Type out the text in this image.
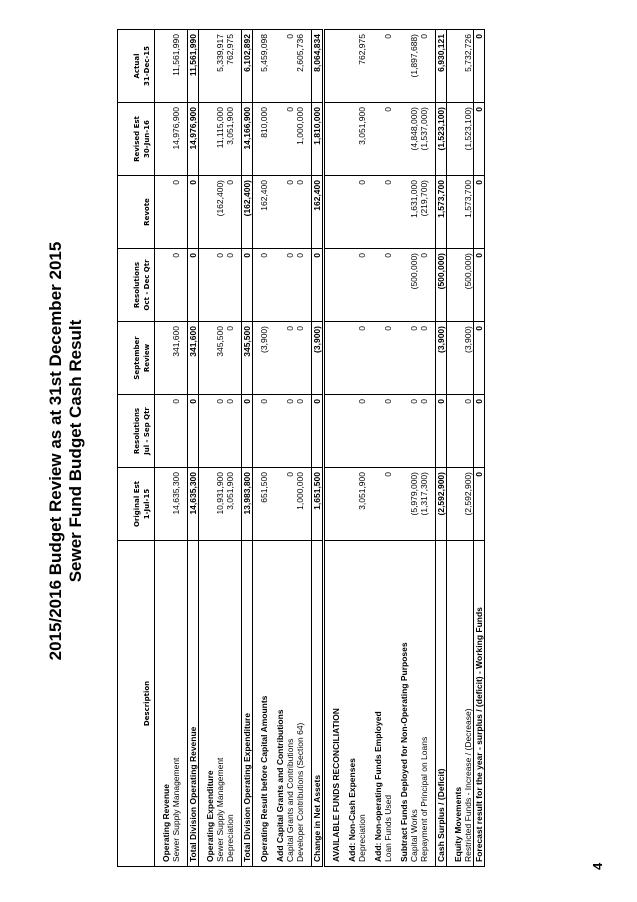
2015/2016 Budget Review as at 31st December 2015 Sewer Fund Budget Cash Result
4
Description	Original Est 1-Jul-15	Resolutions Jul - Sep Qtr	September Review	Resolutions Oct - Dec Qtr	Revote	Revised Est 30-Jun-16	Actual 31-Dec-15

Operating Revenue Sewer Supply Management	14,635,300	0	341,600	0	0	14,976,900	11,561,990

Total Division Operating Revenue	14,635,300	0	341,600	0	0	14,976,900	11,561,990

Operating Expenditure Sewer Supply Management Depreciation	10,931,900 3,051,900	0 0	345,500 0	0 0	(162,400) 0	11,115,000 3,051,900	5,339,917 762,975

Total Division Operating Expenditure	13,983,800	0	345,500	0	(162,400)	14,166,900	6,102,892

Operating Result before Capital Amounts	651,500	0	(3,900)	0	162,400	810,000	5,459,098

Add Capital Grants and Contributions Capital Grants and Contributions Developer Contributions (Section 64)	0 1,000,000	0 0	0 0	0 0	0 0	0 1,000,000	0 2,605,736

Change in Net Assets	1,651,500	0	(3,900)	0	162,400	1,810,000	8,064,834

AVAILABLE FUNDS RECONCILIATION							

Add: Non-Cash Expenses Depreciation	3,051,900	0	0	0	0	3,051,900	762,975

Add: Non-operating Funds Employed Loan Funds Used	0	0	0	0	0	0	0

Subtract Funds Deployed for Non-Operating Purposes Capital Works Repayment of Principal on Loans	(5,979,000) (1,317,300)	0 0	0 0	(500,000) 0	1,631,000 (219,700)	(4,848,000) (1,537,000)	(1,897,688) 0

Cash Surplus / (Deficit)	(2,592,900)	0	(3,900)	(500,000)	1,573,700	(1,523,100)	6,930,121

Equity Movements Restricted Funds - Increase / (Decrease)	(2,592,900)	0	(3,900)	(500,000)	1,573,700	(1,523,100)	5,732,726

Forecast result for the year - surplus / (deficit) - Working Funds	0	0	0	0	0	0	0
